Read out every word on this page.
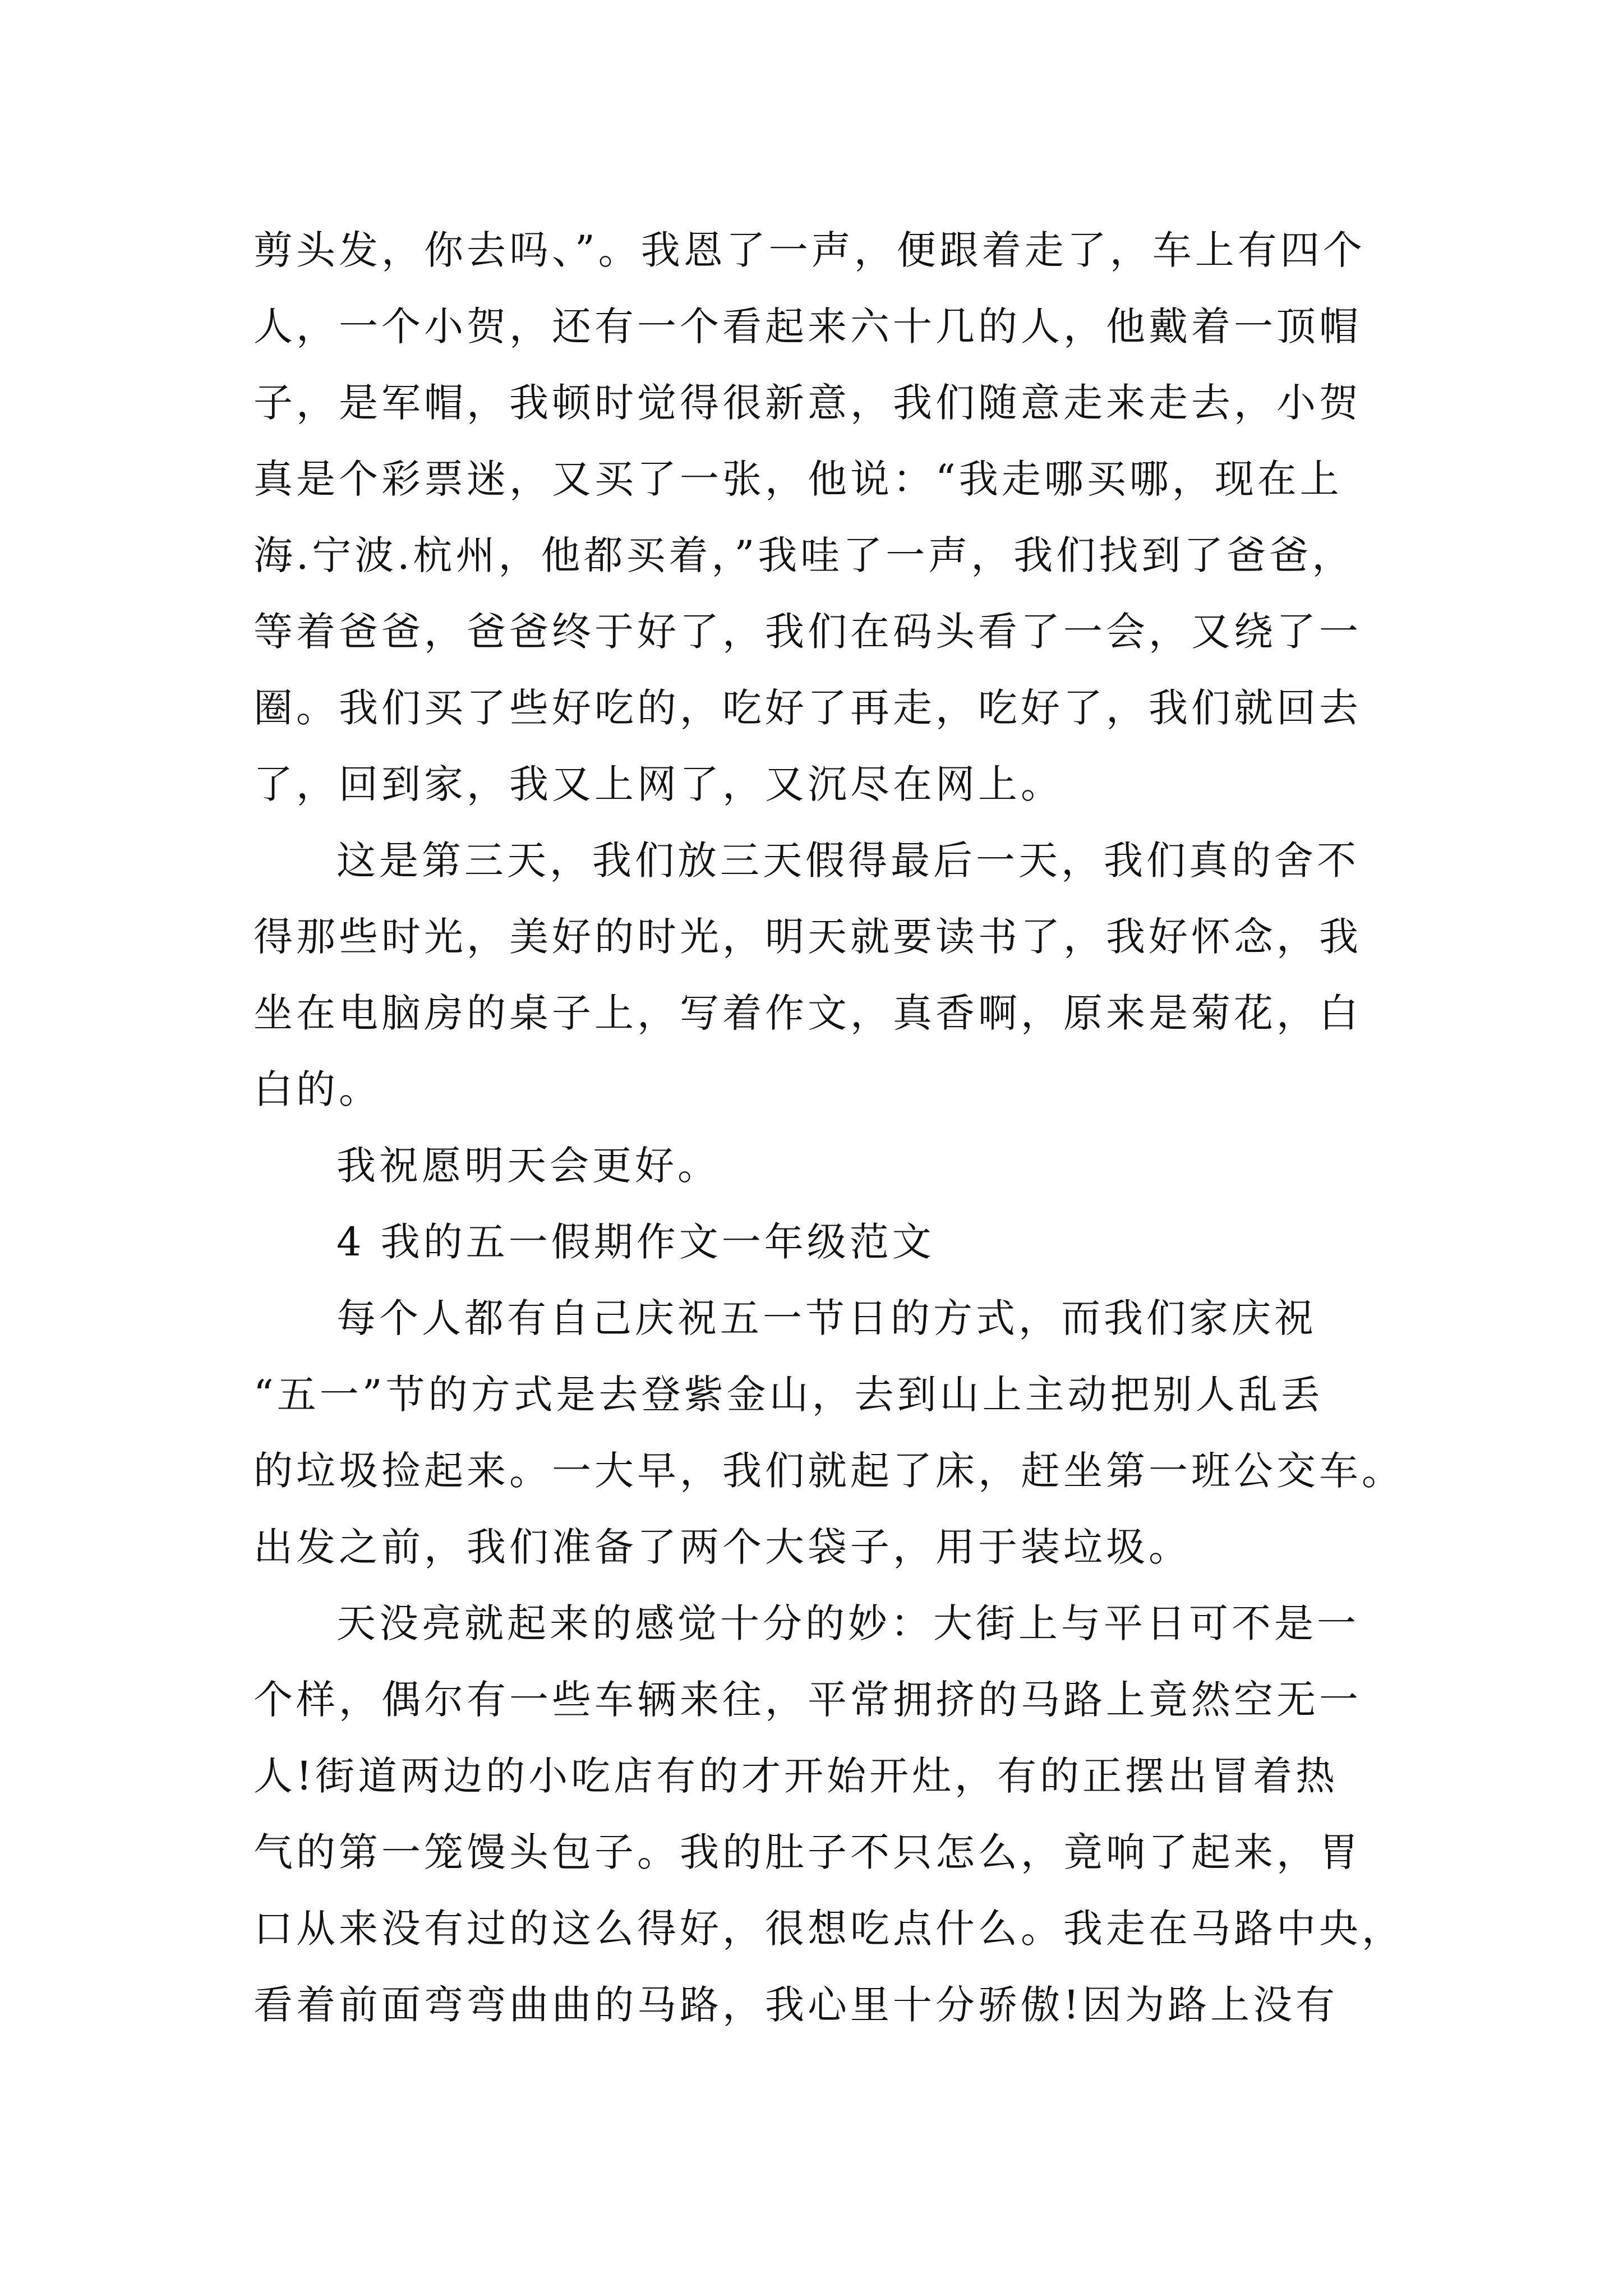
剪头发，你去吗、”。我恩了一声，便跟着走了，车上有四个
人，一个小贺，还有一个看起来六十几的人，他戴着一顶帽
子，是军帽，我顿时觉得很新意，我们随意走来走去，小贺
真是个彩票迷，又买了一张，他说：“我走哪买哪，现在上
海.宁波.杭州，他都买着，”我哇了一声，我们找到了爸爸，
等着爸爸，爸爸终于好了，我们在码头看了一会，又绕了一
圈。我们买了些好吃的，吃好了再走，吃好了，我们就回去
了，回到家，我又上网了，又沉尽在网上。
这是第三天，我们放三天假得最后一天，我们真的舍不
得那些时光，美好的时光，明天就要读书了，我好怀念，我
坐在电脑房的桌子上，写着作文，真香啊，原来是菊花，白
白的。
我祝愿明天会更好。
4 我的五一假期作文一年级范文
每个人都有自己庆祝五一节日的方式，而我们家庆祝
“五一”节的方式是去登紫金山，去到山上主动把别人乱丢
的垃圾捡起来。一大早，我们就起了床，赶坐第一班公交车。
出发之前，我们准备了两个大袋子，用于装垃圾。
天没亮就起来的感觉十分的妙：大街上与平日可不是一
个样，偶尔有一些车辆来往，平常拥挤的马路上竟然空无一
人!街道两边的小吃店有的才开始开灶，有的正摆出冒着热
气的第一笼馒头包子。我的肚子不只怎么，竟响了起来，胃
口从来没有过的这么得好，很想吃点什么。我走在马路中央，
看着前面弯弯曲曲的马路，我心里十分骄傲!因为路上没有
